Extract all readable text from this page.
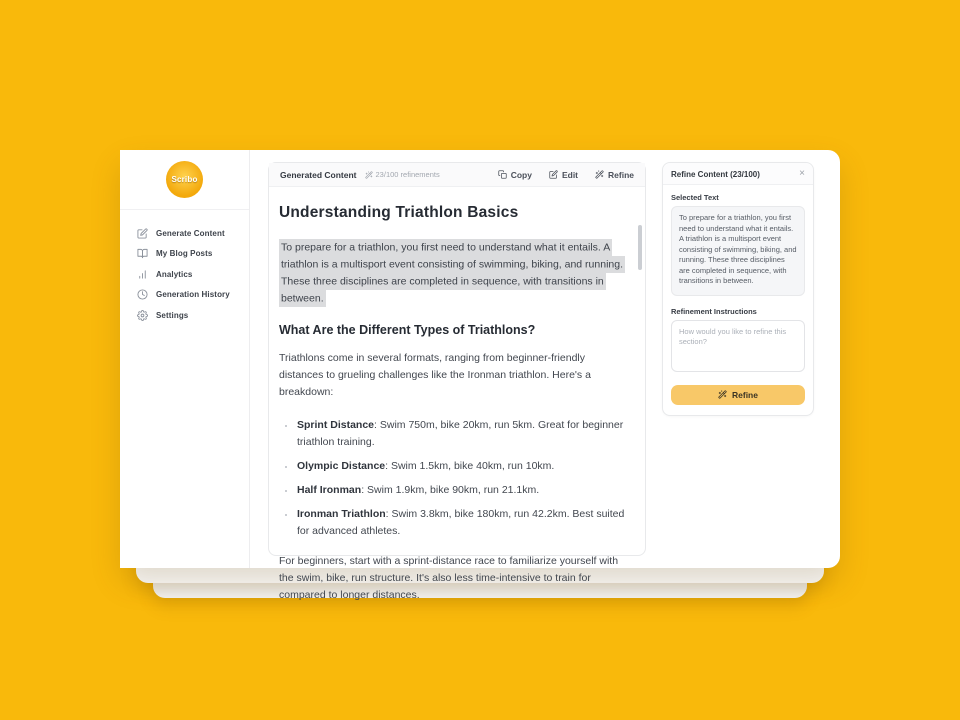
Scribo
Generate Content
My Blog Posts
Analytics
Generation History
Settings
Generated Content	23/100 refinements	Copy	Edit	Refine
Understanding Triathlon Basics

To prepare for a triathlon, you first need to understand what it entails. A triathlon is a multisport event consisting of swimming, biking, and running. These three disciplines are completed in sequence, with transitions in between.

What Are the Different Types of Triathlons?

Triathlons come in several formats, ranging from beginner-friendly distances to grueling challenges like the Ironman triathlon. Here's a breakdown:

• Sprint Distance: Swim 750m, bike 20km, run 5km. Great for beginner triathlon training.
• Olympic Distance: Swim 1.5km, bike 40km, run 10km.
• Half Ironman: Swim 1.9km, bike 90km, run 21.1km.
• Ironman Triathlon: Swim 3.8km, bike 180km, run 42.2km. Best suited for advanced athletes.

For beginners, start with a sprint-distance race to familiarize yourself with the swim, bike, run structure. It's also less time-intensive to train for compared to longer distances.

Refine Content (23/100)	×
Selected Text
To prepare for a triathlon, you first need to understand what it entails. A triathlon is a multisport event consisting of swimming, biking, and running. These three disciplines are completed in sequence, with transitions in between.
Refinement Instructions
How would you like to refine this section?
Refine
